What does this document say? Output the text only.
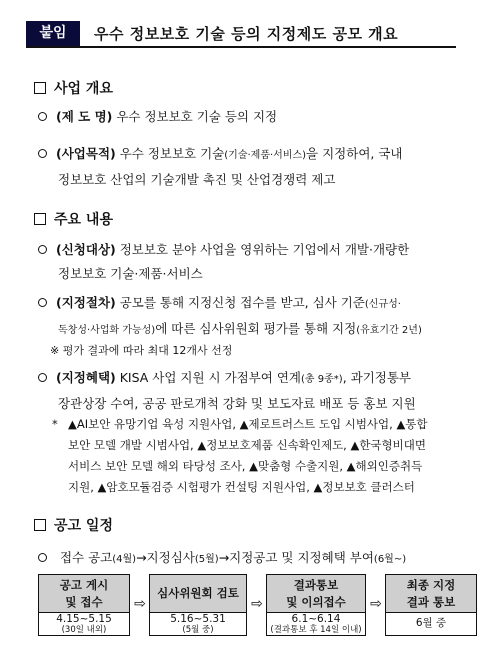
붙임	우수 정보보호 기술 등의 지정제도 공모 개요
사업 개요
(제 도 명) 우수 정보보호 기술 등의 지정
(사업목적) 우수 정보보호 기술(기술·제품·서비스)을 지정하여, 국내
정보보호 산업의 기술개발 촉진 및 산업경쟁력 제고
주요 내용
(신청대상) 정보보호 분야 사업을 영위하는 기업에서 개발·개량한
정보보호 기술·제품·서비스
(지정절차) 공모를 통해 지정신청 접수를 받고, 심사 기준(신규성·
독창성·사업화 가능성)에 따른 심사위원회 평가를 통해 지정(유효기간 2년)
※ 평가 결과에 따라 최대 12개사 선정
(지정혜택) KISA 사업 지원 시 가점부여 연계(총 9종*), 과기정통부
장관상장 수여, 공공 판로개척 강화 및 보도자료 배포 등 홍보 지원
* ▲AI보안 유망기업 육성 지원사업, ▲제로트러스트 도입 시범사업, ▲통합
보안 모델 개발 시범사업, ▲정보보호제품 신속확인제도, ▲한국형비대면
서비스 보안 모델 해외 타당성 조사, ▲맞춤형 수출지원, ▲해외인증취득
지원, ▲암호모듈검증 시험평가 컨설팅 지원사업, ▲정보보호 클러스터
공고 일정
접수 공고(4월)→지정심사(5월)→지정공고 및 지정혜택 부여(6월~)
공고 게시
및 접수
4.15~5.15
(30일 내외)
⇨
심사위원회 검토
5.16~5.31
(5월 중)
⇨
결과통보
및 이의접수
6.1~6.14
(결과통보 후 14일 이내)
⇨
최종 지정
결과 통보
6월 중
